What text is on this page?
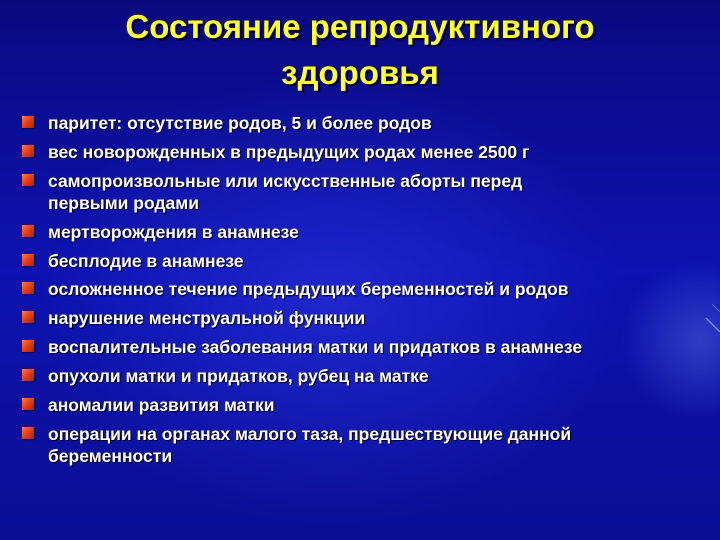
Состояние репродуктивного
здоровья
паритет: отсутствие родов, 5 и более родов
вес новорожденных в предыдущих родах менее 2500 г
самопроизвольные или искусственные аборты перед
первыми родами
мертворождения в анамнезе
бесплодие в анамнезе
осложненное течение предыдущих беременностей и родов
нарушение менструальной функции
воспалительные заболевания матки и придатков в анамнезе
опухоли матки и придатков, рубец на матке
аномалии развития матки
операции на органах малого таза, предшествующие данной
беременности
